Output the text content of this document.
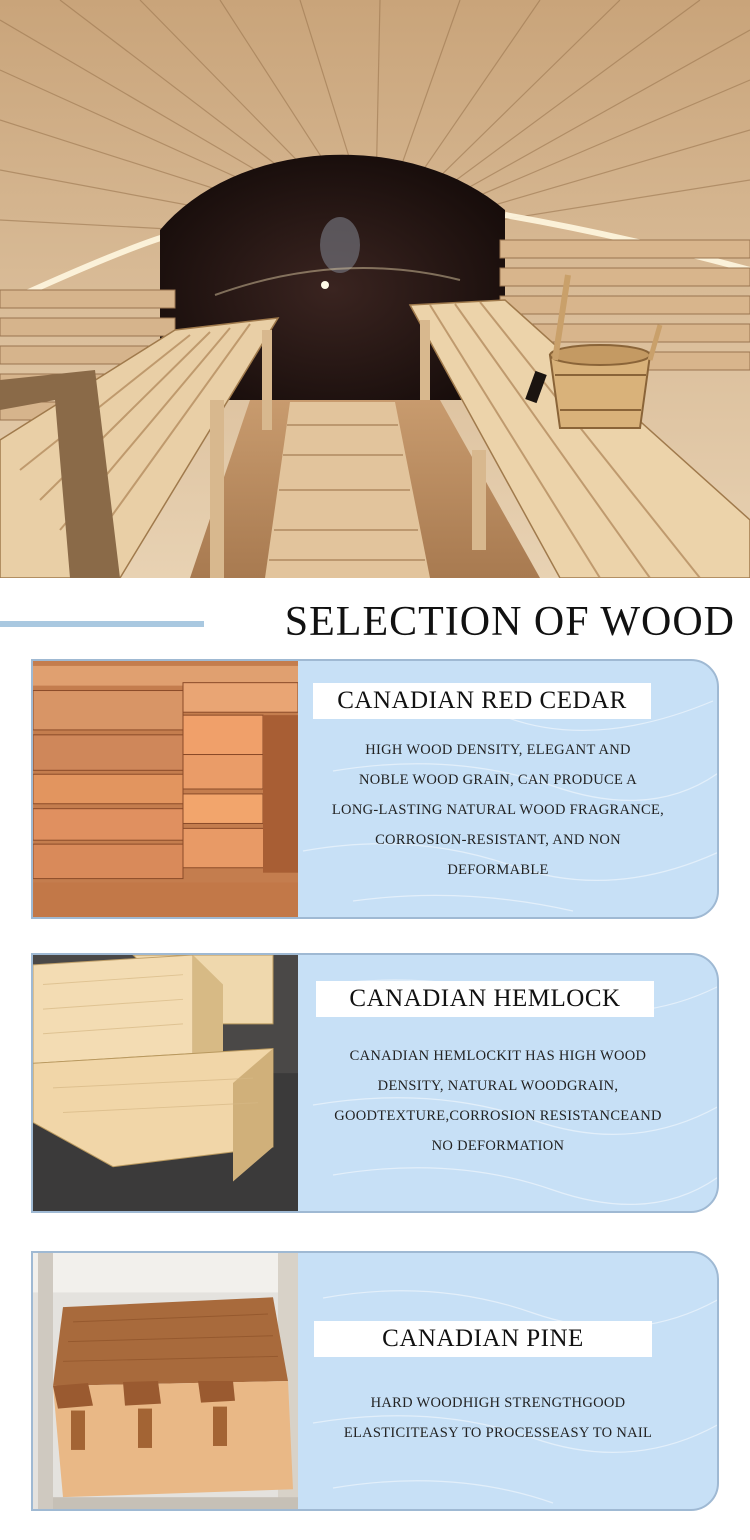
SELECTION OF WOOD
CANADIAN RED CEDAR
HIGH WOOD DENSITY, ELEGANT AND
NOBLE WOOD GRAIN, CAN PRODUCE A
LONG-LASTING NATURAL WOOD FRAGRANCE,
CORROSION-RESISTANT, AND NON
DEFORMABLE
CANADIAN HEMLOCK
CANADIAN HEMLOCKIT HAS HIGH WOOD
DENSITY, NATURAL WOODGRAIN,
GOODTEXTURE,CORROSION RESISTANCEAND
NO DEFORMATION
CANADIAN PINE
HARD WOODHIGH STRENGTHGOOD
ELASTICITEASY TO PROCESSEASY TO NAIL
